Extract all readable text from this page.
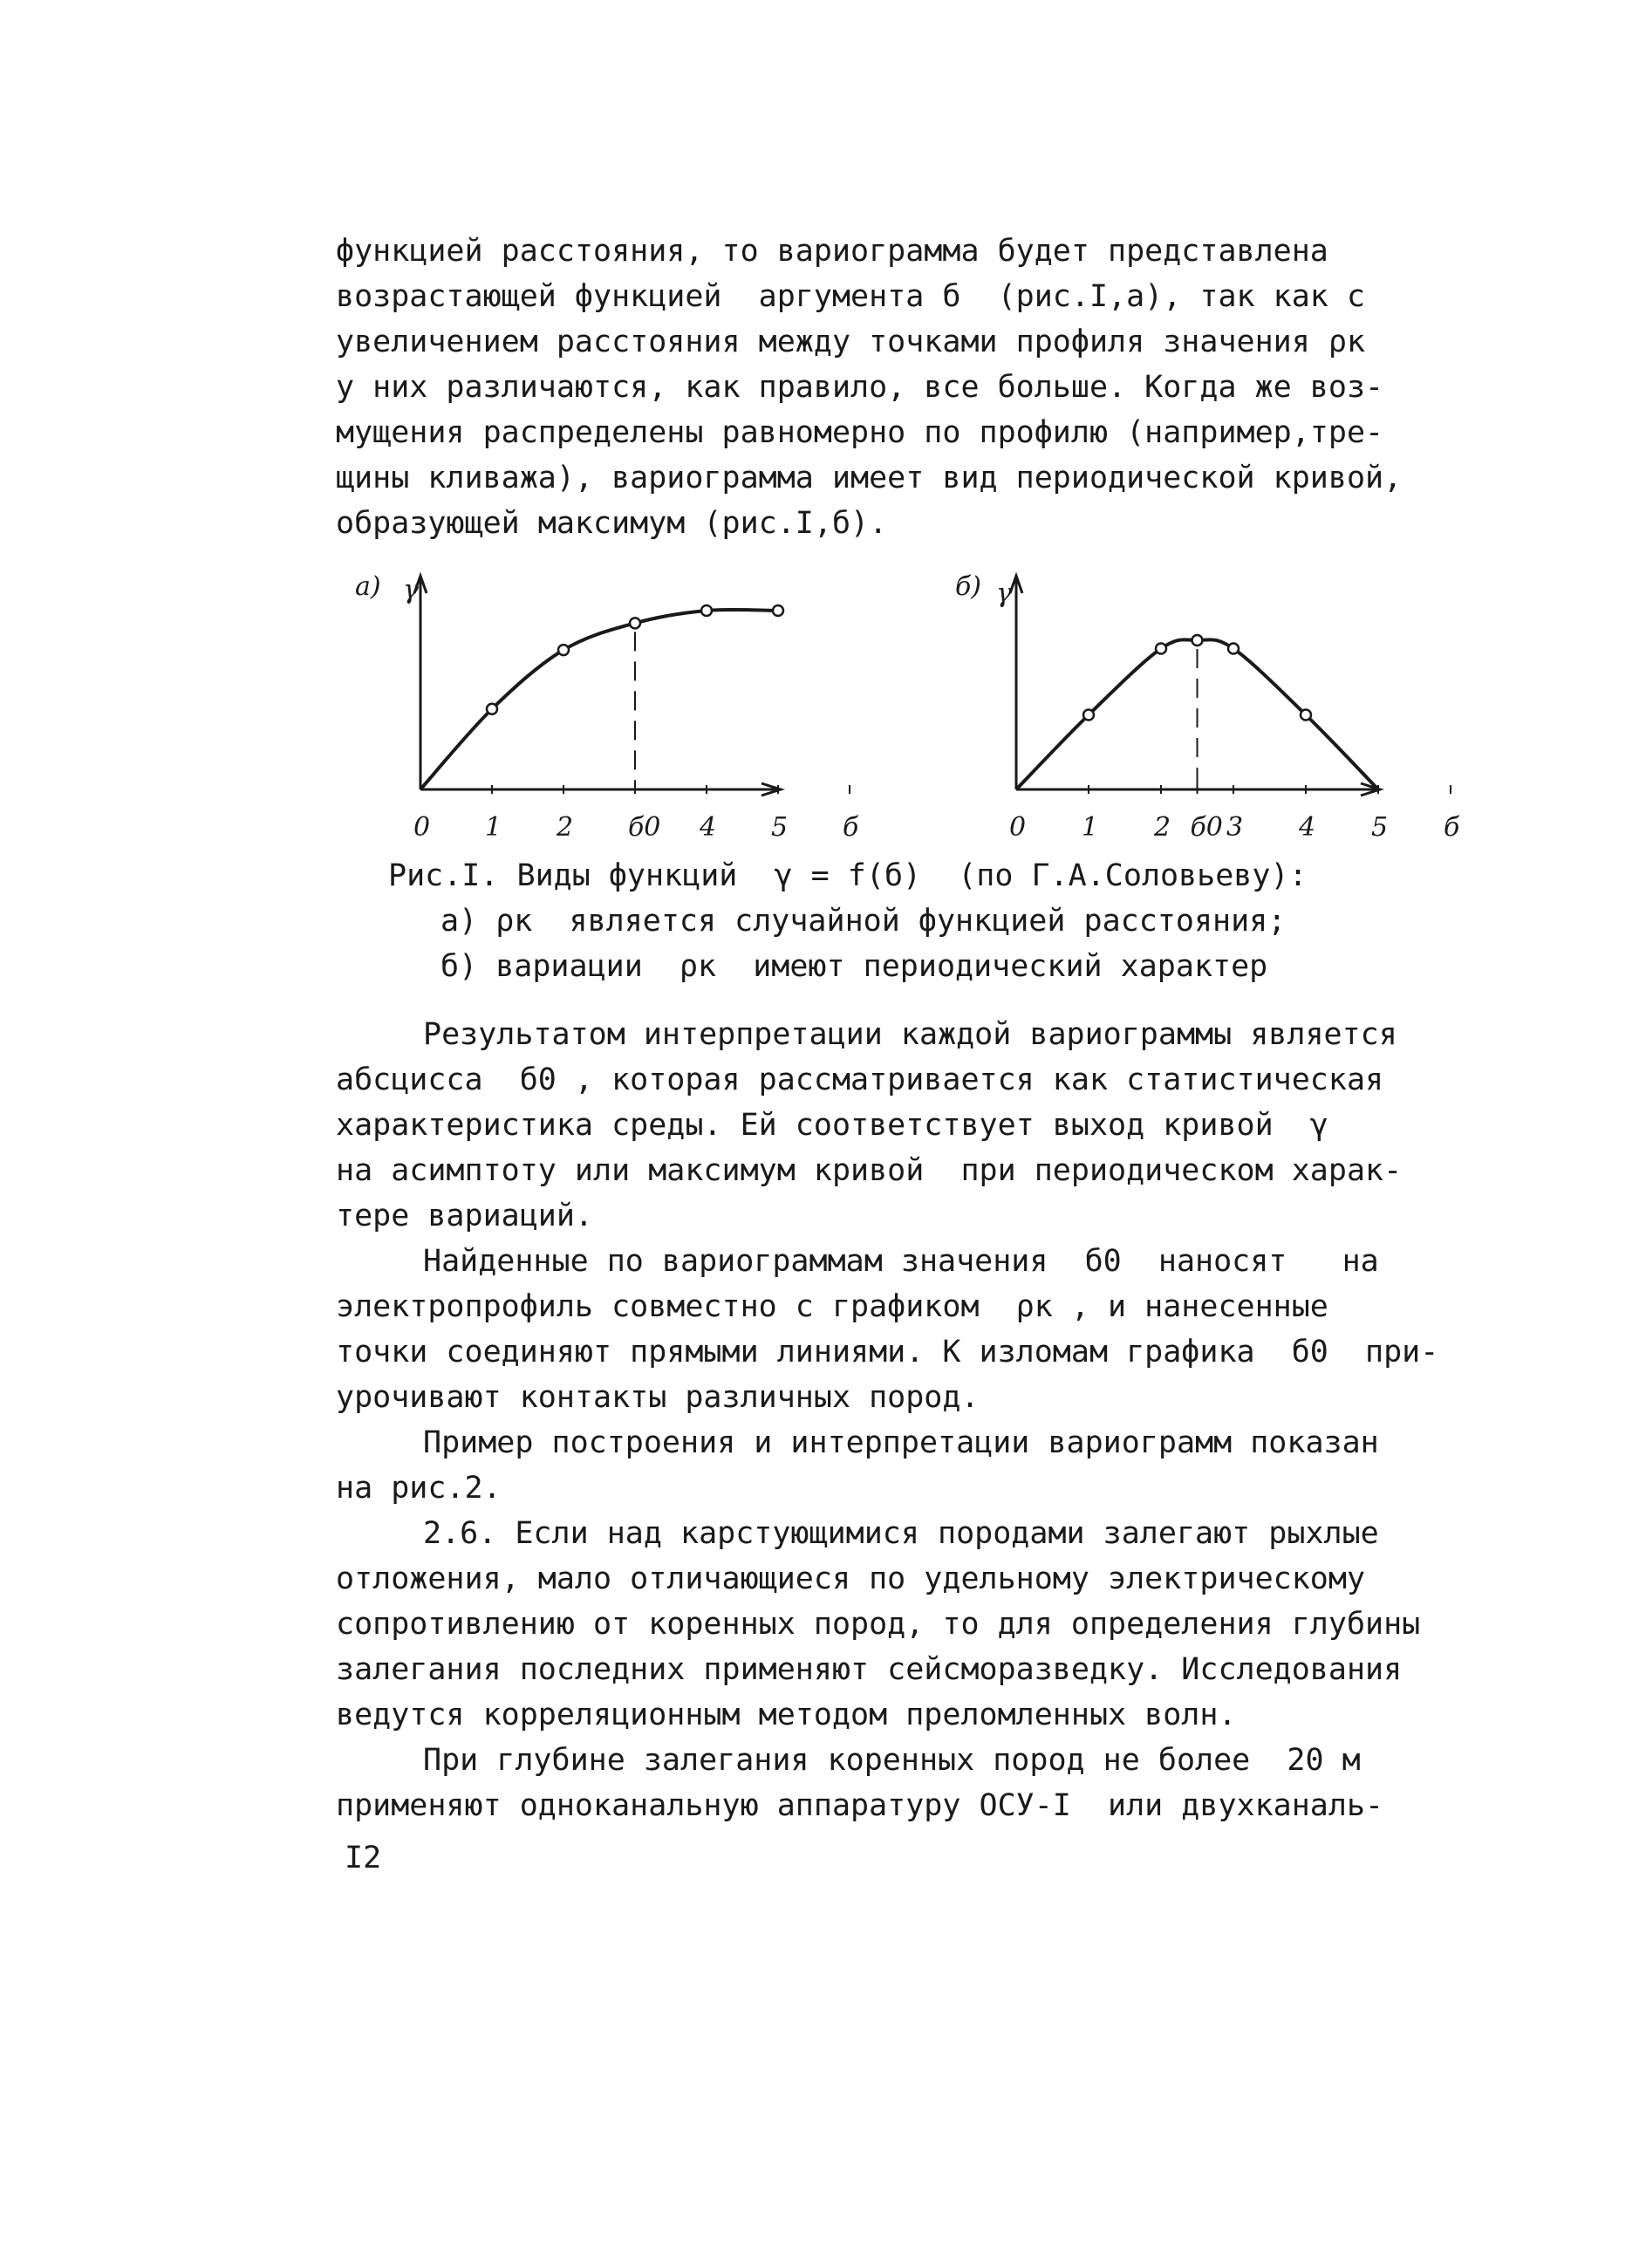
функцией расстояния, то вариограмма будет представлена

возрастающей функцией  аргумента б  (рис.I,а), так как с

увеличением расстояния между точками профиля значения ρк

у них различаются, как правило, все больше. Когда же воз-

мущения распределены равномерно по профилю (например,тре-

щины кливажа), вариограмма имеет вид периодической кривой,

образующей максимум (рис.I,б).

а) γ
0 1 2 б0 4 5 б
б) γ
0 1 2 б0 3 4 5 б

Рис.I. Виды функций  γ = f(б)  (по Г.А.Соловьеву):

а) ρк  является случайной функцией расстояния;

б) вариации  ρк  имеют периодический характер

Результатом интерпретации каждой вариограммы является

абсцисса  б0 , которая рассматривается как статистическая

характеристика среды. Ей соответствует выход кривой  γ

на асимптоту или максимум кривой  при периодическом харак-

тере вариаций.

Найденные по вариограммам значения  б0  наносят   на

электропрофиль совместно с графиком  ρк , и нанесенные

точки соединяют прямыми линиями. К изломам графика  б0  при-

урочивают контакты различных пород.

Пример построения и интерпретации вариограмм показан

на рис.2.

2.6. Если над карстующимися породами залегают рыхлые

отложения, мало отличающиеся по удельному электрическому

сопротивлению от коренных пород, то для определения глубины

залегания последних применяют сейсморазведку. Исследования

ведутся корреляционным методом преломленных волн.

При глубине залегания коренных пород не более  20 м

применяют одноканальную аппаратуру ОСУ-I  или двухканаль-

I2
